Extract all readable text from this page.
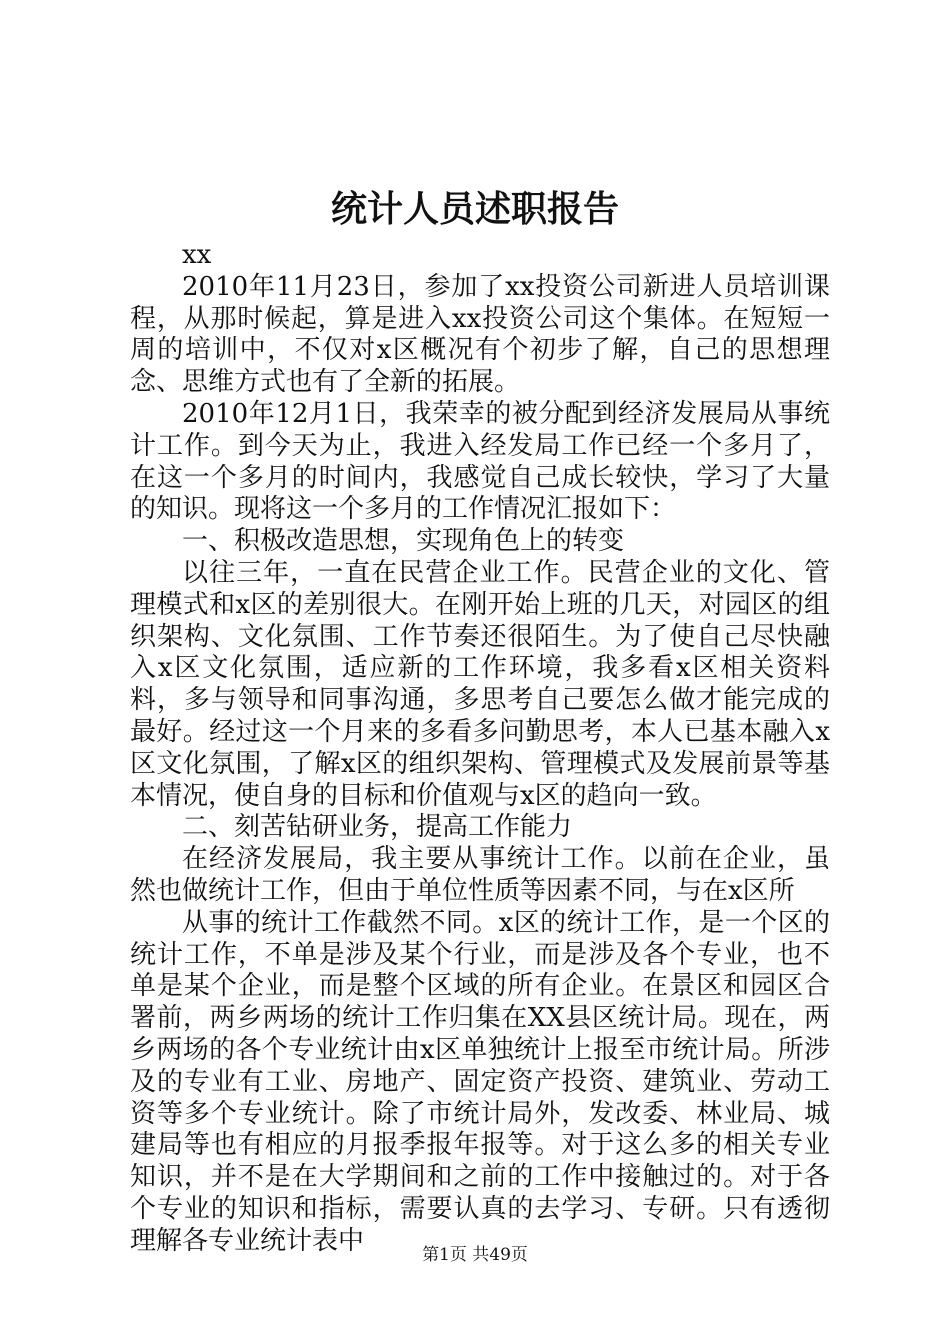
统计人员述职报告

xx

2010年11月23日，参加了xx投资公司新进人员培训课程，从那时候起，算是进入xx投资公司这个集体。在短短一周的培训中，不仅对x区概况有个初步了解，自己的思想理念、思维方式也有了全新的拓展。

2010年12月1日，我荣幸的被分配到经济发展局从事统计工作。到今天为止，我进入经发局工作已经一个多月了，在这一个多月的时间内，我感觉自己成长较快，学习了大量的知识。现将这一个多月的工作情况汇报如下：

一、积极改造思想，实现角色上的转变

以往三年，一直在民营企业工作。民营企业的文化、管理模式和x区的差别很大。在刚开始上班的几天，对园区的组织架构、文化氛围、工作节奏还很陌生。为了使自己尽快融入x区文化氛围，适应新的工作环境，我多看x区相关资料料，多与领导和同事沟通，多思考自己要怎么做才能完成的最好。经过这一个月来的多看多问勤思考，本人已基本融入x区文化氛围，了解x区的组织架构、管理模式及发展前景等基本情况，使自身的目标和价值观与x区的趋向一致。

二、刻苦钻研业务，提高工作能力

在经济发展局，我主要从事统计工作。以前在企业，虽然也做统计工作，但由于单位性质等因素不同，与在x区所

从事的统计工作截然不同。x区的统计工作，是一个区的统计工作，不单是涉及某个行业，而是涉及各个专业，也不单是某个企业，而是整个区域的所有企业。在景区和园区合署前，两乡两场的统计工作归集在XX县区统计局。现在，两乡两场的各个专业统计由x区单独统计上报至市统计局。所涉及的专业有工业、房地产、固定资产投资、建筑业、劳动工资等多个专业统计。除了市统计局外，发改委、林业局、城建局等也有相应的月报季报年报等。对于这么多的相关专业知识，并不是在大学期间和之前的工作中接触过的。对于各个专业的知识和指标，需要认真的去学习、专研。只有透彻理解各专业统计表中	第1页 共49页
